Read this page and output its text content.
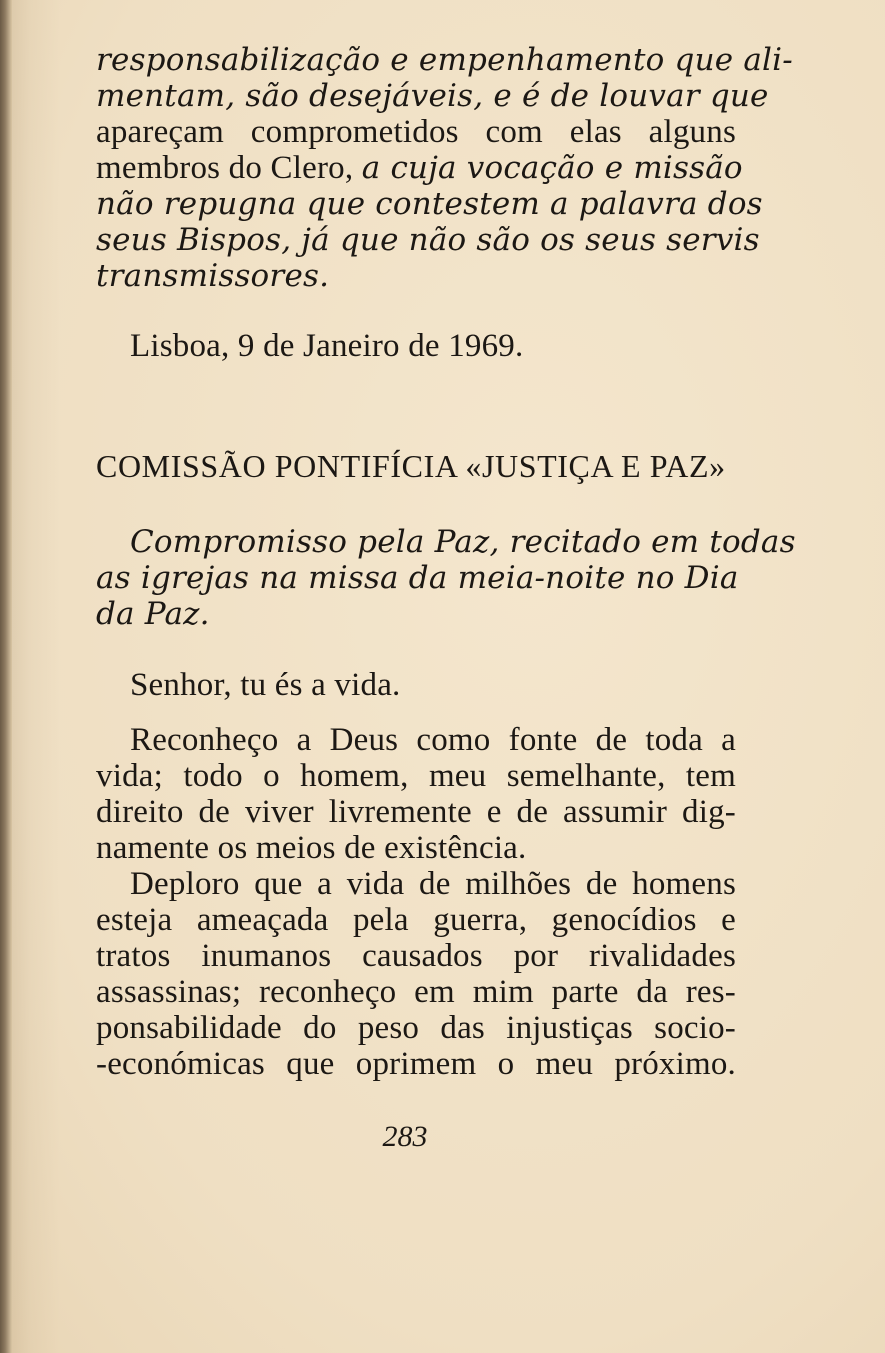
responsabilização e empenhamento que ali-
mentam, são desejáveis, e é de louvar que
apareçam comprometidos com elas alguns
membros do Clero, a cuja vocação e missão
não repugna que contestem a palavra dos
seus Bispos, já que não são os seus servis
transmissores.
Lisboa, 9 de Janeiro de 1969.
COMISSÃO PONTIFÍCIA «JUSTIÇA E PAZ»
Compromisso pela Paz, recitado em todas
as igrejas na missa da meia-noite no Dia
da Paz.
Senhor, tu és a vida.
Reconheço a Deus como fonte de toda a
vida; todo o homem, meu semelhante, tem
direito de viver livremente e de assumir dig-
namente os meios de existência.
Deploro que a vida de milhões de homens
esteja ameaçada pela guerra, genocídios e
tratos inumanos causados por rivalidades
assassinas; reconheço em mim parte da res-
ponsabilidade do peso das injustiças socio-
-económicas que oprimem o meu próximo.
283
